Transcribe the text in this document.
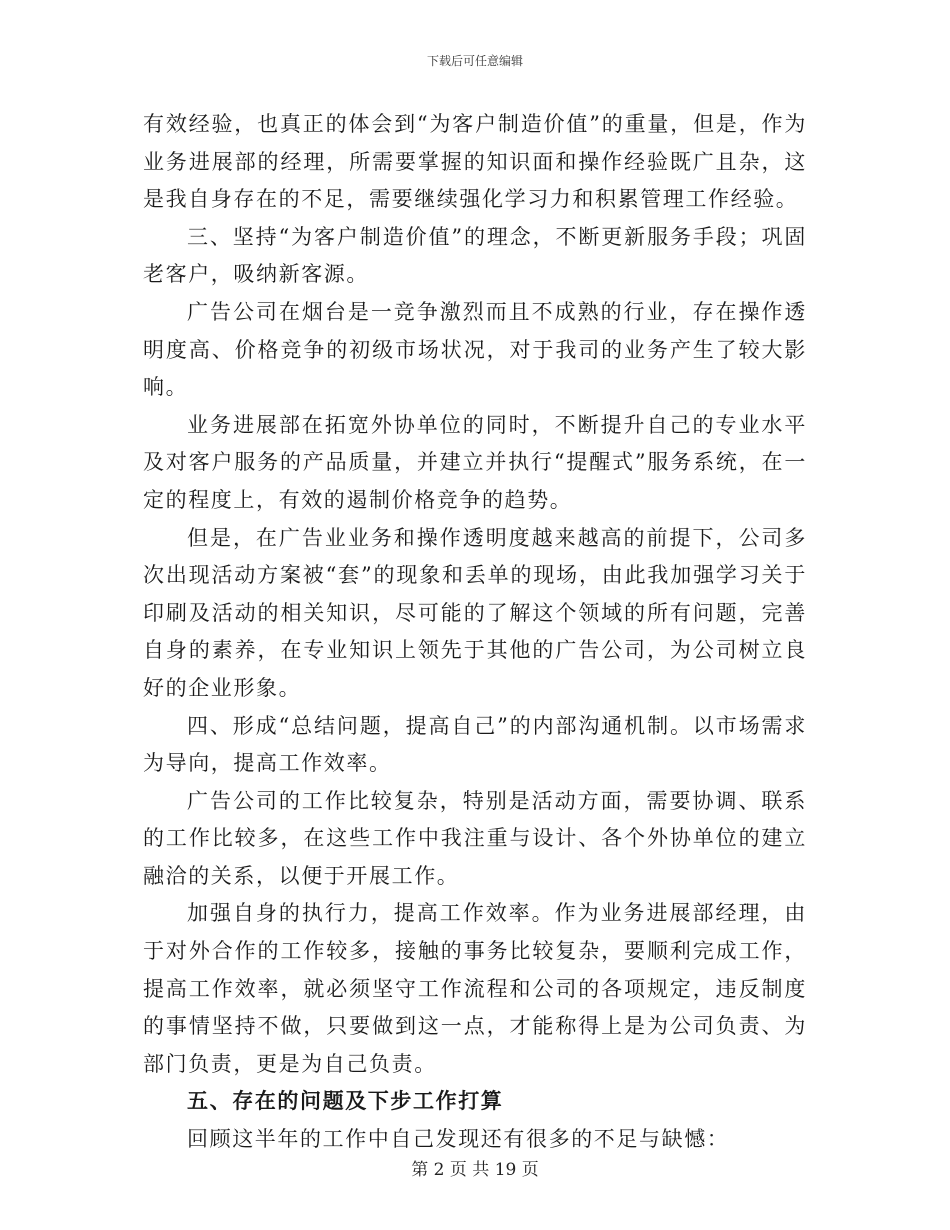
下载后可任意编辑

有效经验，也真正的体会到“为客户制造价值”的重量，但是，作为业务进展部的经理，所需要掌握的知识面和操作经验既广且杂，这是我自身存在的不足，需要继续强化学习力和积累管理工作经验。

三、坚持“为客户制造价值”的理念，不断更新服务手段；巩固老客户，吸纳新客源。

广告公司在烟台是一竞争激烈而且不成熟的行业，存在操作透明度高、价格竞争的初级市场状况，对于我司的业务产生了较大影响。

业务进展部在拓宽外协单位的同时，不断提升自己的专业水平及对客户服务的产品质量，并建立并执行“提醒式”服务系统，在一定的程度上，有效的遏制价格竞争的趋势。

但是，在广告业业务和操作透明度越来越高的前提下，公司多次出现活动方案被“套”的现象和丢单的现场，由此我加强学习关于印刷及活动的相关知识，尽可能的了解这个领域的所有问题，完善自身的素养，在专业知识上领先于其他的广告公司，为公司树立良好的企业形象。

四、形成“总结问题，提高自己”的内部沟通机制。以市场需求为导向，提高工作效率。

广告公司的工作比较复杂，特别是活动方面，需要协调、联系的工作比较多，在这些工作中我注重与设计、各个外协单位的建立融洽的关系，以便于开展工作。

加强自身的执行力，提高工作效率。作为业务进展部经理，由于对外合作的工作较多，接触的事务比较复杂，要顺利完成工作，提高工作效率，就必须坚守工作流程和公司的各项规定，违反制度的事情坚持不做，只要做到这一点，才能称得上是为公司负责、为部门负责，更是为自己负责。

五、存在的问题及下步工作打算

回顾这半年的工作中自己发现还有很多的不足与缺憾：

第 2 页 共 19 页
